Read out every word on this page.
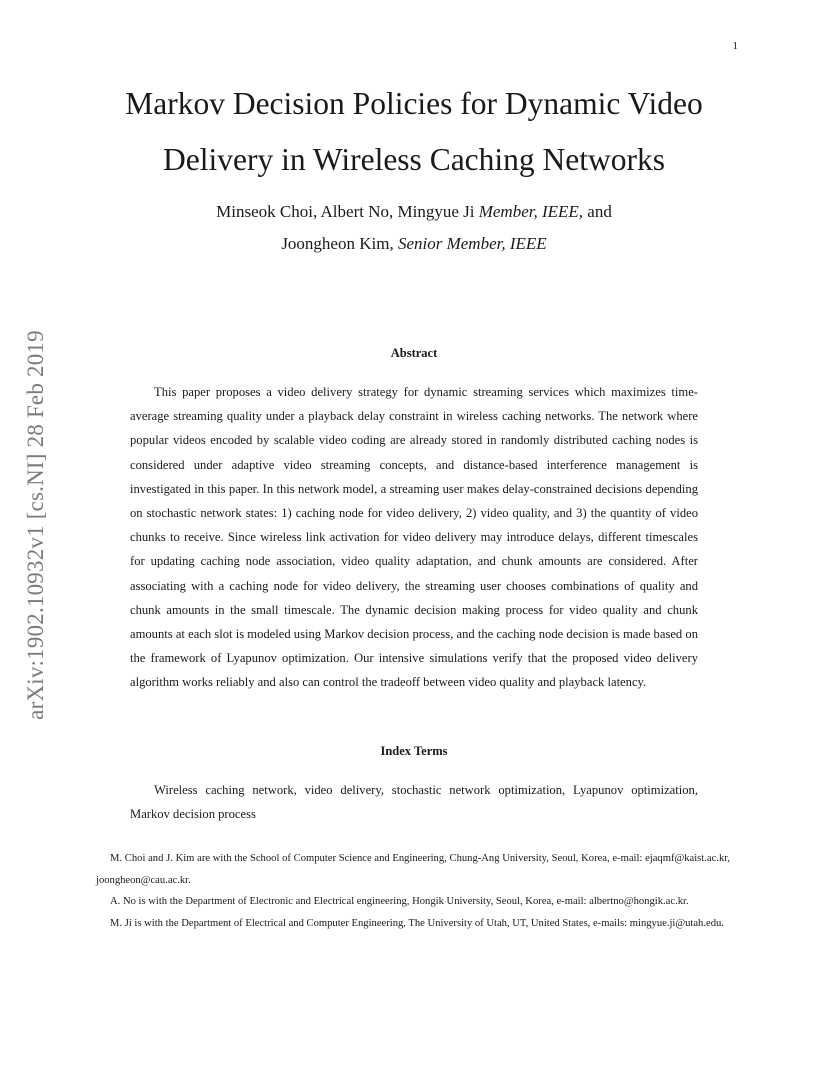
1
arXiv:1902.10932v1 [cs.NI] 28 Feb 2019
Markov Decision Policies for Dynamic Video
Delivery in Wireless Caching Networks
Minseok Choi, Albert No, Mingyue Ji Member, IEEE, and
Joongheon Kim, Senior Member, IEEE
Abstract

This paper proposes a video delivery strategy for dynamic streaming services which maximizes time-average streaming quality under a playback delay constraint in wireless caching networks. The network where popular videos encoded by scalable video coding are already stored in randomly distributed caching nodes is considered under adaptive video streaming concepts, and distance-based interference management is investigated in this paper. In this network model, a streaming user makes delay-constrained decisions depending on stochastic network states: 1) caching node for video delivery, 2) video quality, and 3) the quantity of video chunks to receive. Since wireless link activation for video delivery may introduce delays, different timescales for updating caching node association, video quality adaptation, and chunk amounts are considered. After associating with a caching node for video delivery, the streaming user chooses combinations of quality and chunk amounts in the small timescale. The dynamic decision making process for video quality and chunk amounts at each slot is modeled using Markov decision process, and the caching node decision is made based on the framework of Lyapunov optimization. Our intensive simulations verify that the proposed video delivery algorithm works reliably and also can control the tradeoff between video quality and playback latency.

Index Terms

Wireless caching network, video delivery, stochastic network optimization, Lyapunov optimization, Markov decision process

M. Choi and J. Kim are with the School of Computer Science and Engineering, Chung-Ang University, Seoul, Korea, e-mail: ejaqmf@kaist.ac.kr, joongheon@cau.ac.kr.

A. No is with the Department of Electronic and Electrical engineering, Hongik University, Seoul, Korea, e-mail: albertno@hongik.ac.kr.

M. Ji is with the Department of Electrical and Computer Engineering, The University of Utah, UT, United States, e-mails: mingyue.ji@utah.edu.
